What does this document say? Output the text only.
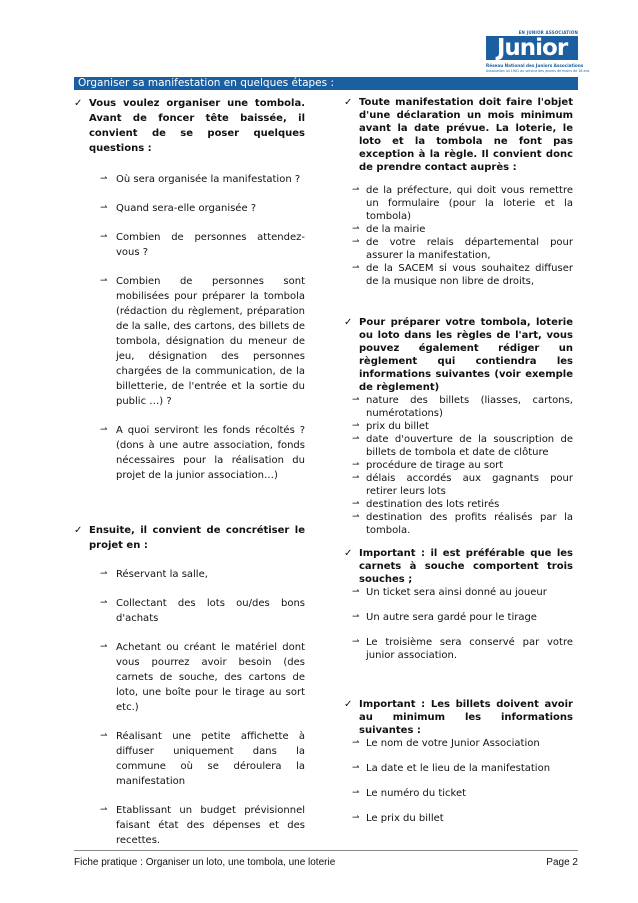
EN JUNIOR ASSOCIATION
Junior
Réseau National des Juniors Associations
Association loi 1901 au service des jeunes de moins de 18 ans
Organiser sa manifestation en quelques étapes :
✓ Vous voulez organiser une tombola. Avant de foncer tête baissée, il convient de se poser quelques questions :
⇀
Où sera organisée la manifestation ?
⇀
Quand sera-elle organisée ?
⇀
Combien de personnes attendez-vous ?
⇀
Combien de personnes sont mobilisées pour préparer la tombola (rédaction du règlement, préparation de la salle, des cartons, des billets de tombola, désignation du meneur de jeu, désignation des personnes chargées de la communication, de la billetterie, de l'entrée et la sortie du public …) ?
⇀
A quoi serviront les fonds récoltés ? (dons à une autre association, fonds nécessaires pour la réalisation du projet de la junior association…)
✓ Ensuite, il convient de concrétiser le projet en :
⇀
Réservant la salle,
⇀
Collectant des lots ou/des bons d'achats
⇀
Achetant ou créant le matériel dont vous pourrez avoir besoin (des carnets de souche, des cartons de loto, une boîte pour le tirage au sort etc.)
⇀
Réalisant une petite affichette à diffuser uniquement dans la commune où se déroulera la manifestation
⇀
Etablissant un budget prévisionnel faisant état des dépenses et des recettes.
✓ Toute manifestation doit faire l'objet d'une déclaration un mois minimum avant la date prévue. La loterie, le loto et la tombola ne font pas exception à la règle. Il convient donc de prendre contact auprès :
⇀
de la préfecture, qui doit vous remettre un formulaire (pour la loterie et la tombola)
⇀
de la mairie
⇀
de votre relais départemental pour assurer la manifestation,
⇀
de la SACEM si vous souhaitez diffuser de la musique non libre de droits,
✓ Pour préparer votre tombola, loterie ou loto dans les règles de l'art, vous pouvez également rédiger un règlement qui contiendra les informations suivantes (voir exemple de règlement)
⇀
nature des billets (liasses, cartons, numérotations)
⇀
prix du billet
⇀
date d'ouverture de la souscription de billets de tombola et date de clôture
⇀
procédure de tirage au sort
⇀
délais accordés aux gagnants pour retirer leurs lots
⇀
destination des lots retirés
⇀
destination des profits réalisés par la tombola.
✓ Important : il est préférable que les carnets à souche comportent trois souches ;
⇀
Un ticket sera ainsi donné au joueur
⇀
Un autre sera gardé pour le tirage
⇀
Le troisième sera conservé par votre junior association.
✓ Important : Les billets doivent avoir au minimum les informations suivantes :
⇀
Le nom de votre Junior Association
⇀
La date et le lieu de la manifestation
⇀
Le numéro du ticket
⇀
Le prix du billet
Fiche pratique : Organiser un loto, une tombola, une loterie	Page 2
